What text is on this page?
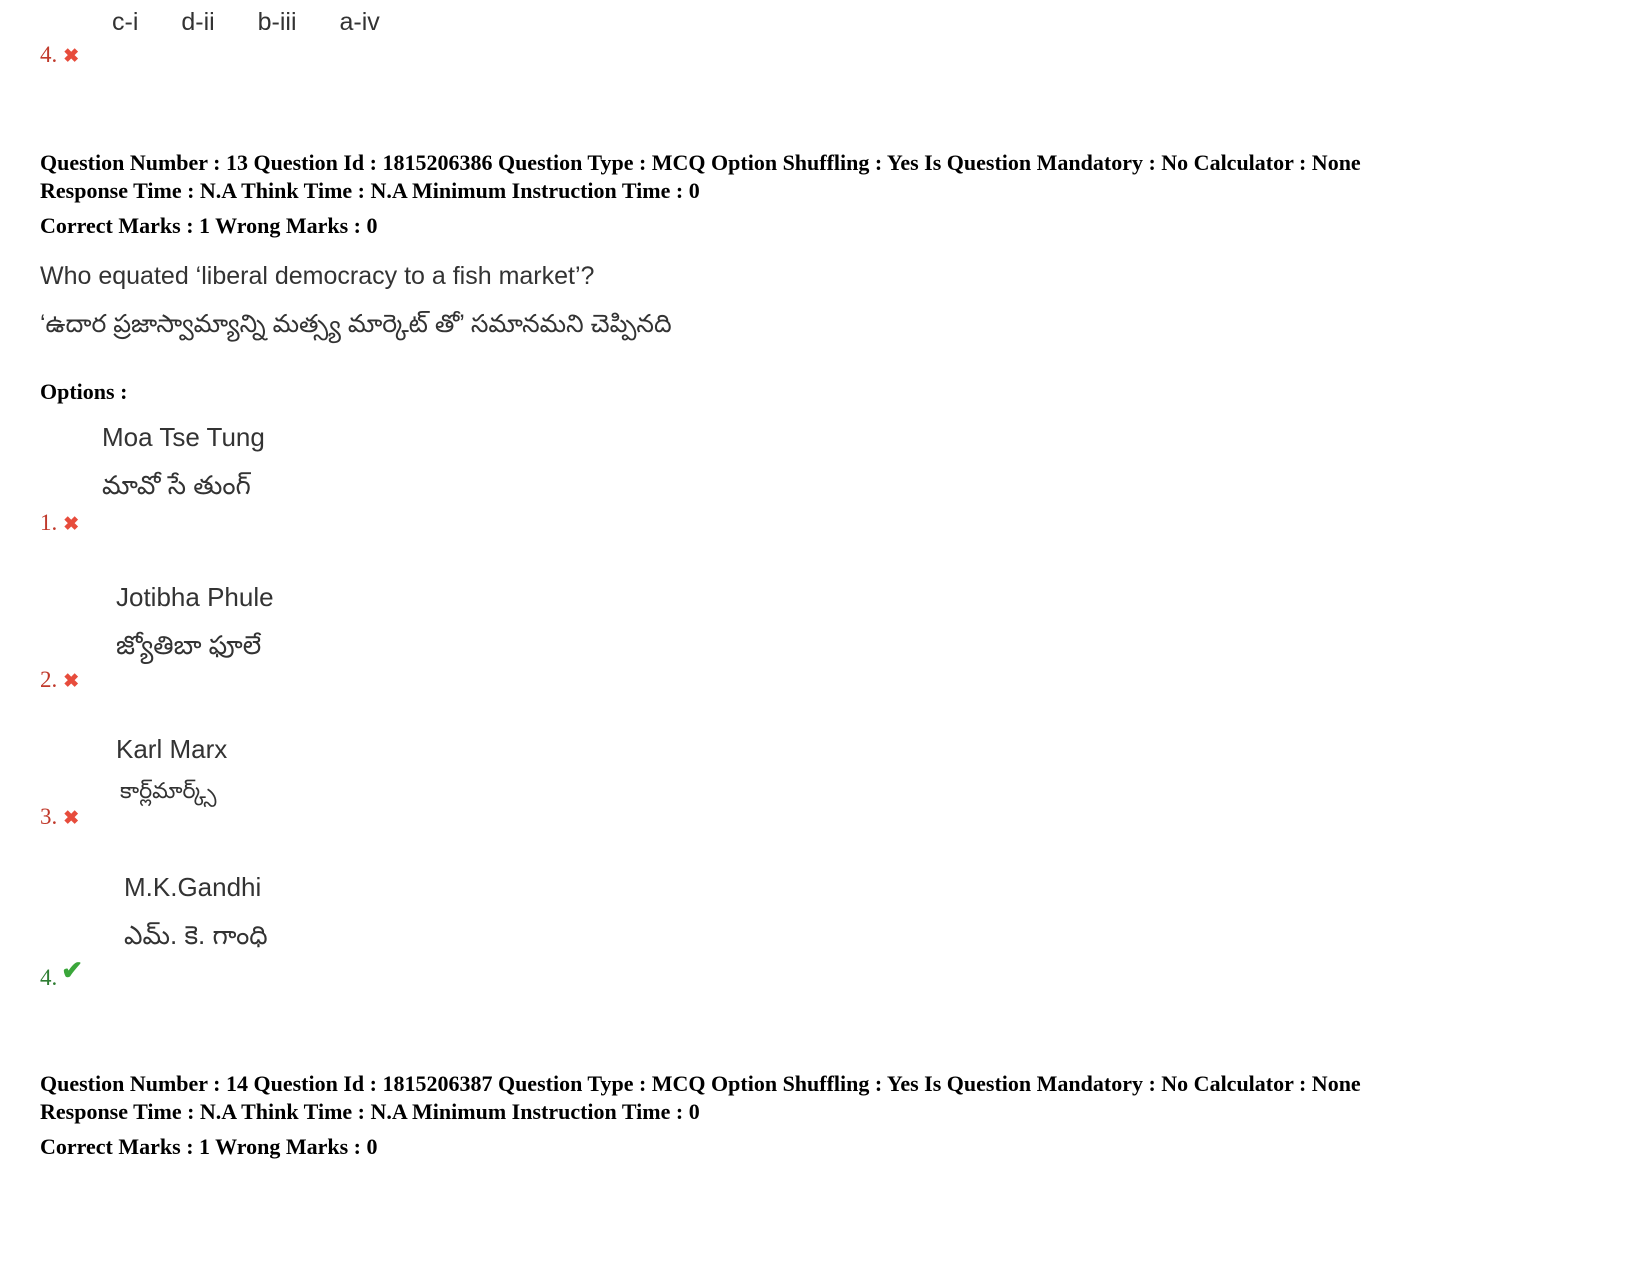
c-i d-ii b-iii a-iv
4. ✖
Question Number : 13 Question Id : 1815206386 Question Type : MCQ Option Shuffling : Yes Is Question Mandatory : No Calculator : None
Response Time : N.A Think Time : N.A Minimum Instruction Time : 0
Correct Marks : 1 Wrong Marks : 0
Who equated ‘liberal democracy to a fish market’?
‘ఉదార ప్రజాస్వామ్యాన్ని మత్స్య మార్కెట్ తో’ సమానమని చెప్పినది
Options :
Moa Tse Tung
మావో సే తుంగ్
1. ✖
Jotibha Phule
జ్యోతిబా ఫూలే
2. ✖
Karl Marx
కార్ల్‌మార్క్స్
3. ✖
M.K.Gandhi
ఎమ్. కె. గాంధి
4. ✔
Question Number : 14 Question Id : 1815206387 Question Type : MCQ Option Shuffling : Yes Is Question Mandatory : No Calculator : None
Response Time : N.A Think Time : N.A Minimum Instruction Time : 0
Correct Marks : 1 Wrong Marks : 0
